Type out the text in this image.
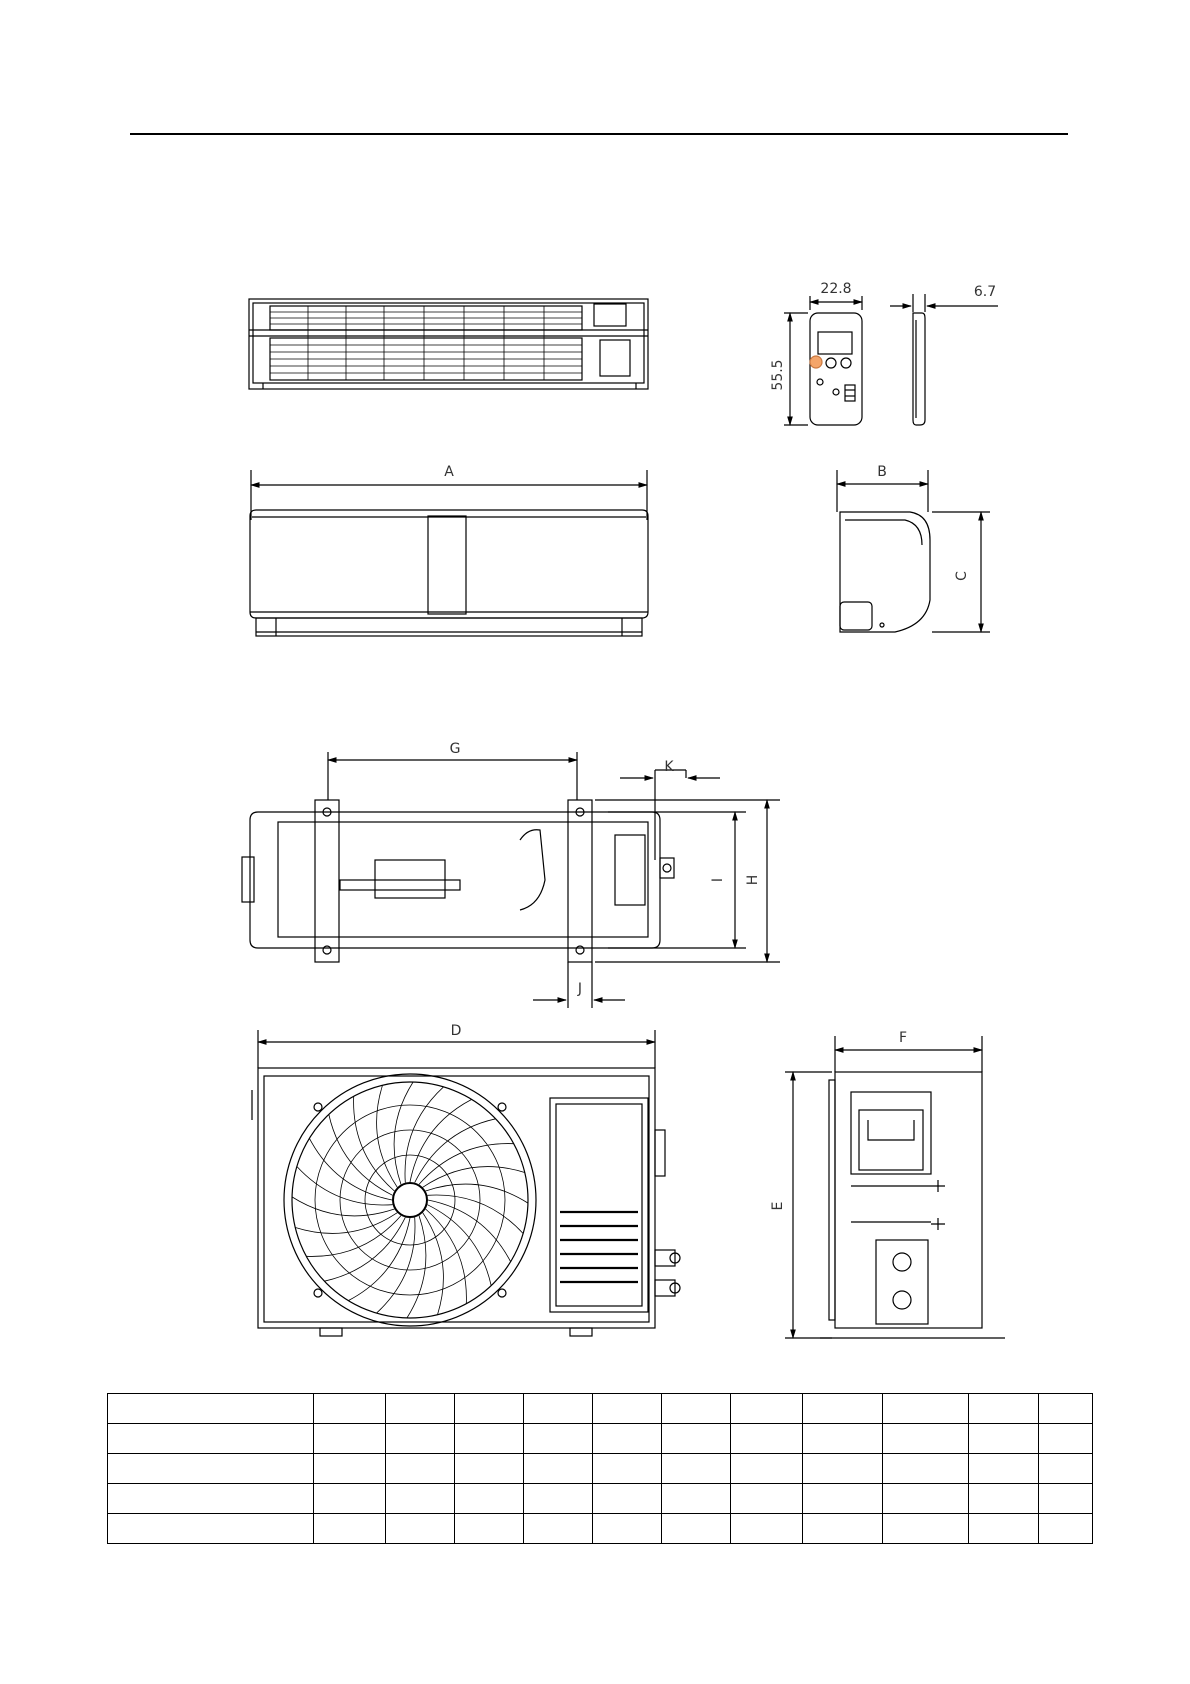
22.8	6.7
55.5
A	B
C
G
K
I H
J
D	F
E
